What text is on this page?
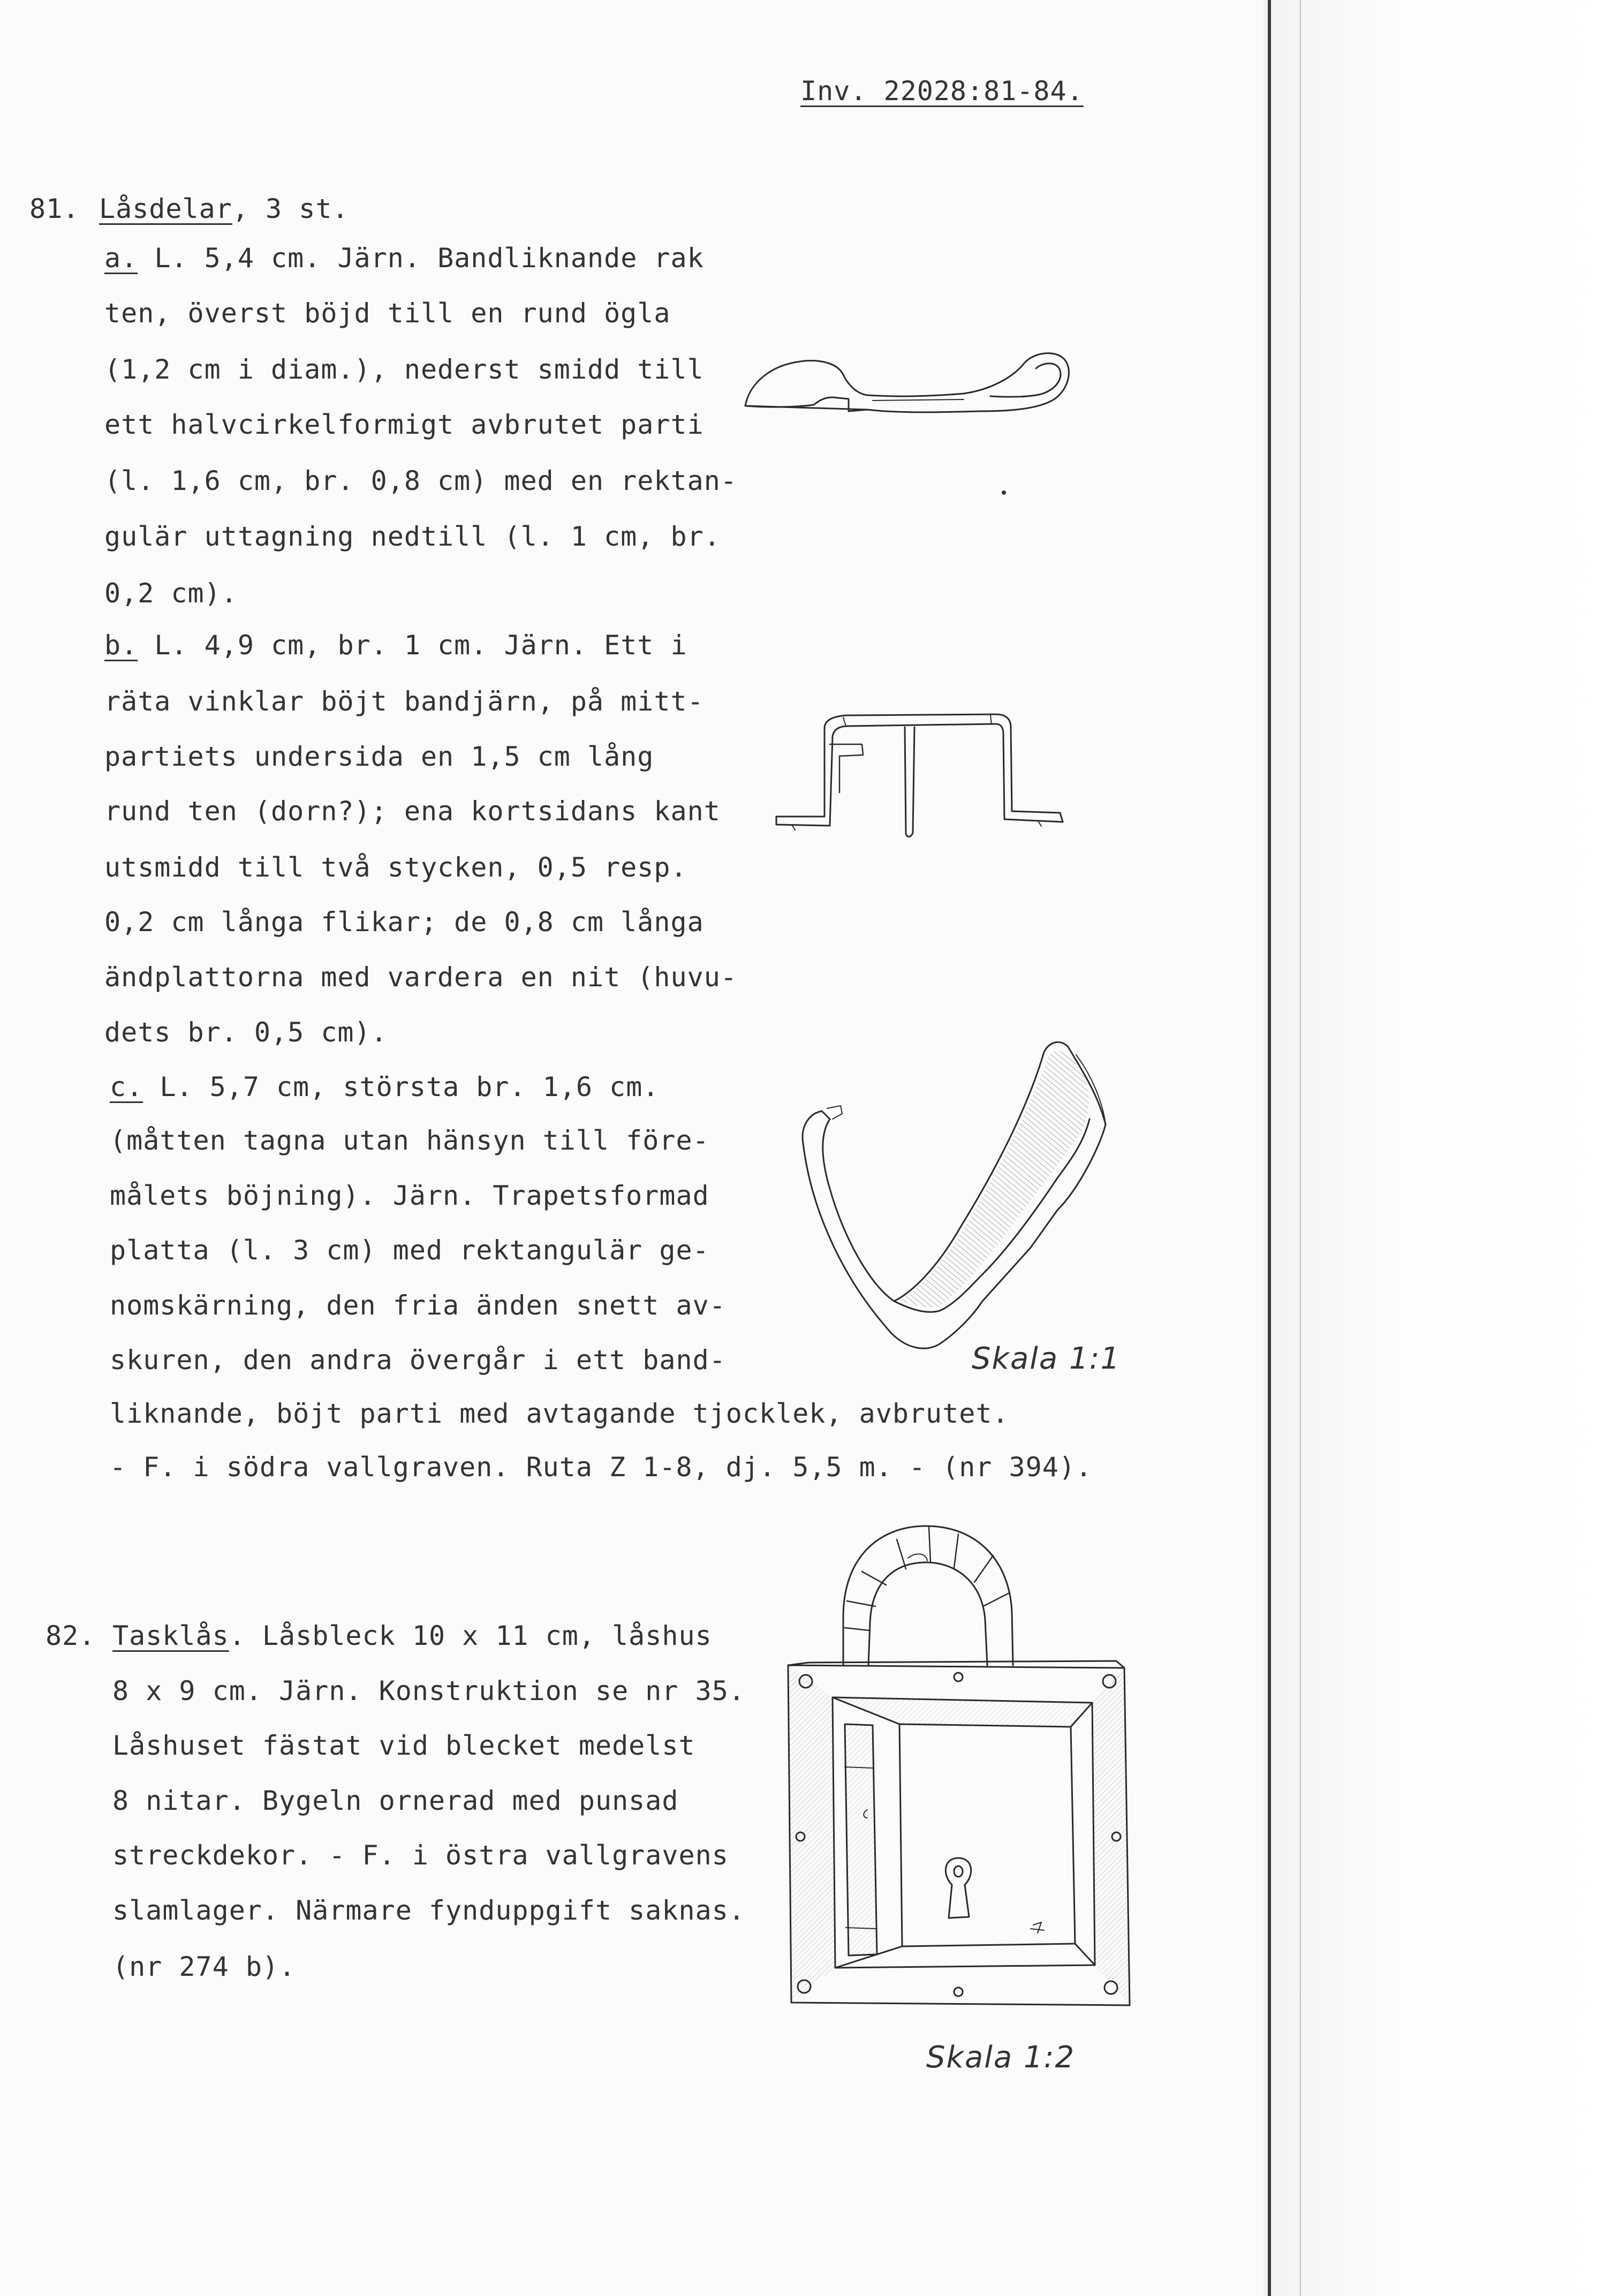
Inv. 22028:81-84.
81. Låsdelar, 3 st.
a. L. 5,4 cm. Järn. Bandliknande rak
ten, överst böjd till en rund ögla
(1,2 cm i diam.), nederst smidd till
ett halvcirkelformigt avbrutet parti
(l. 1,6 cm, br. 0,8 cm) med en rektan-
gulär uttagning nedtill (l. 1 cm, br.
0,2 cm).
b. L. 4,9 cm, br. 1 cm. Järn. Ett i
räta vinklar böjt bandjärn, på mitt-
partiets undersida en 1,5 cm lång
rund ten (dorn?); ena kortsidans kant
utsmidd till två stycken, 0,5 resp.
0,2 cm långa flikar; de 0,8 cm långa
ändplattorna med vardera en nit (huvu-
dets br. 0,5 cm).
c. L. 5,7 cm, största br. 1,6 cm.
(måtten tagna utan hänsyn till före-
målets böjning). Järn. Trapetsformad
platta (l. 3 cm) med rektangulär ge-
nomskärning, den fria änden snett av-
skuren, den andra övergår i ett band-
liknande, böjt parti med avtagande tjocklek, avbrutet.
- F. i södra vallgraven. Ruta Z 1-8, dj. 5,5 m. - (nr 394).
Skala 1:1
82. Tasklås. Låsbleck 10 x 11 cm, låshus
8 x 9 cm. Järn. Konstruktion se nr 35.
Låshuset fästat vid blecket medelst
8 nitar. Bygeln ornerad med punsad
streckdekor. - F. i östra vallgravens
slamlager. Närmare fynduppgift saknas.
(nr 274 b).
Skala 1:2
